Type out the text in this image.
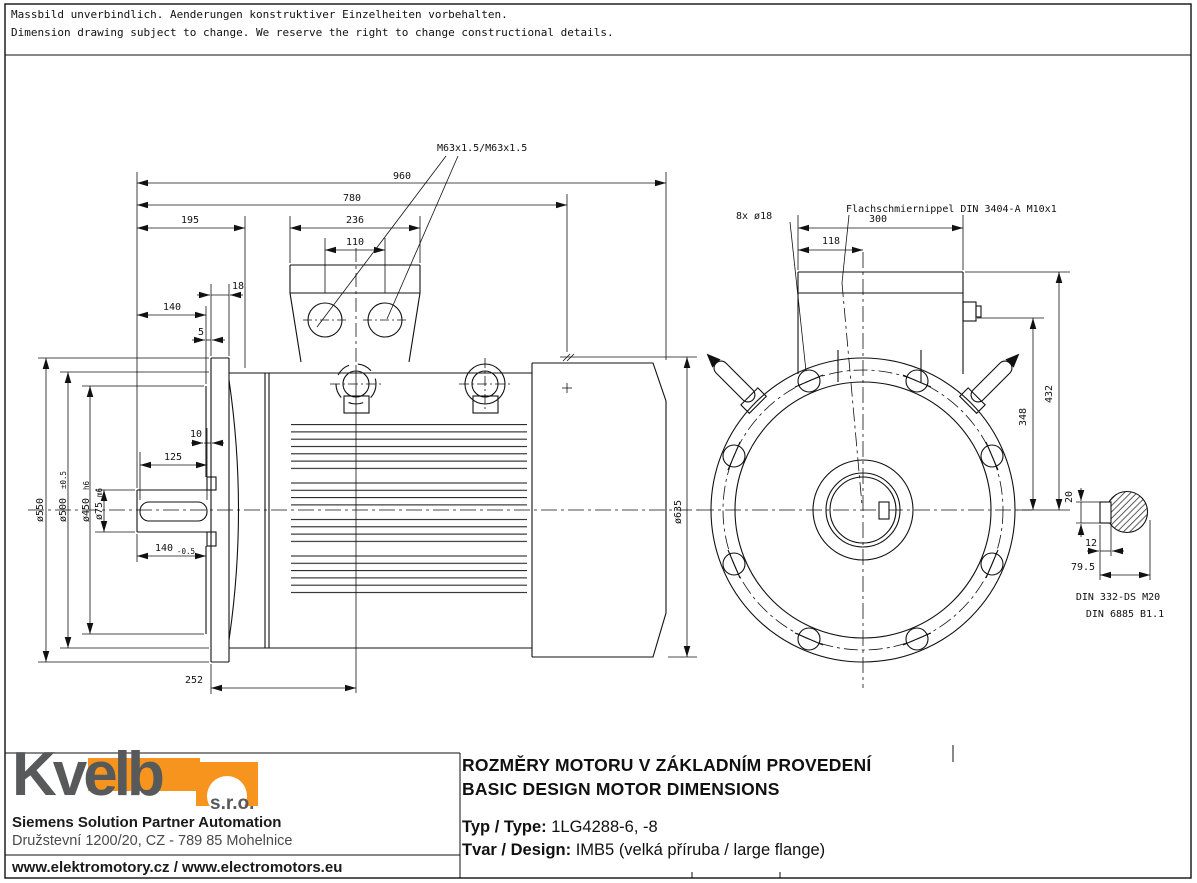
Massbild unverbindlich. Aenderungen konstruktiver Einzelheiten vorbehalten.
Dimension drawing subject to change. We reserve the right to change constructional details.
M63x1.5/M63x1.5
960
780
195	236
110
18
140
5
10
125
140 -0.5
252
ø550 ø500
±0.5
ø450
h6
ø75
m6
ø635
8x ø18
Flachschmiernippel DIN 3404-A M10x1
300
118
432
348
20
12
79.5
DIN 332-DS M20
DIN 6885 B1.1
Kvelb	s.r.o.
Siemens Solution Partner Automation
Družstevní 1200/20, CZ - 789 85 Mohelnice
www.elektromotory.cz / www.electromotors.eu
ROZMĚRY MOTORU V ZÁKLADNÍM PROVEDENÍ
BASIC DESIGN MOTOR DIMENSIONS
Typ / Type: 1LG4288-6, -8
Tvar / Design: IMB5 (velká příruba / large flange)
